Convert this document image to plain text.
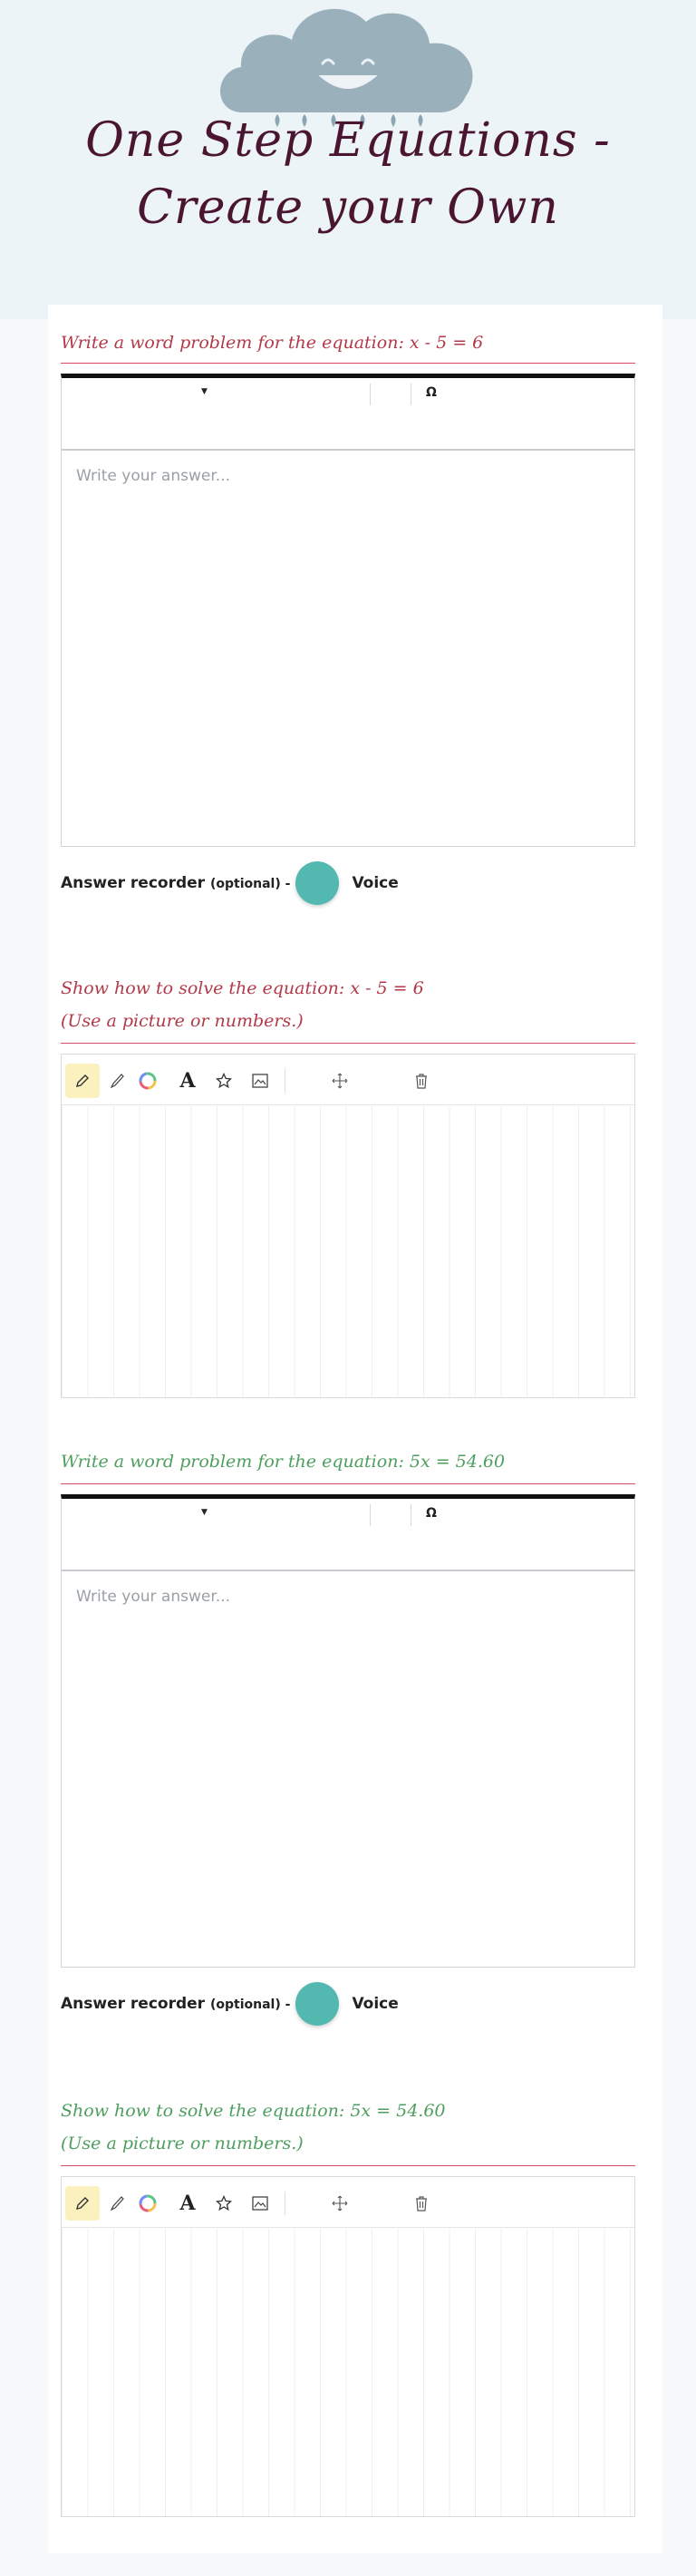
One Step Equations -
Create your Own
Write a word problem for the equation: x - 5 = 6
▼	Ω
Write your answer...
Answer recorder (optional) -	Voice
Show how to solve the equation: x - 5 = 6
(Use a picture or numbers.)
A
Write a word problem for the equation: 5x = 54.60
▼	Ω
Write your answer...
Answer recorder (optional) -	Voice
Show how to solve the equation: 5x = 54.60
(Use a picture or numbers.)
A
